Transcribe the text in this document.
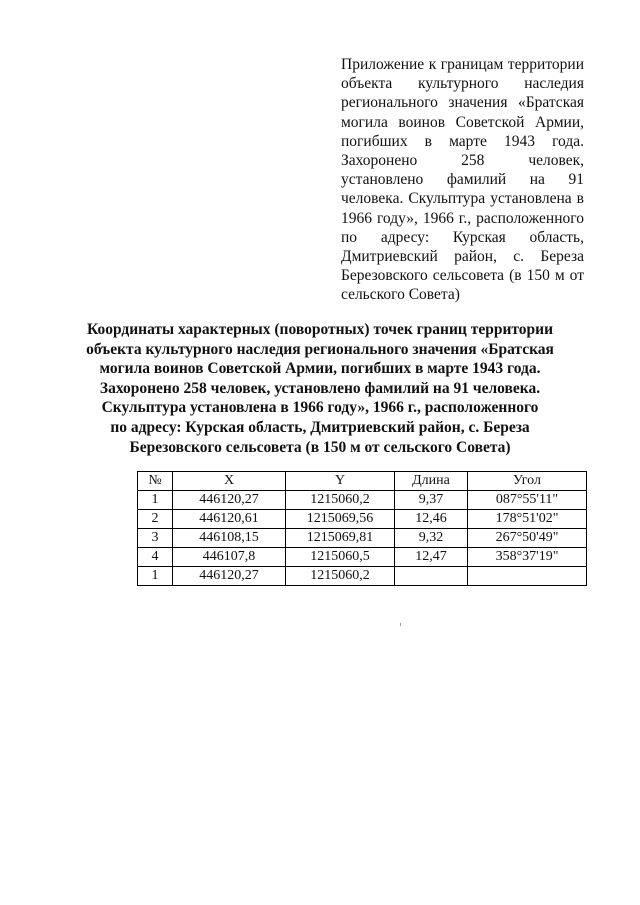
Приложение к границам территории
объекта культурного наследия
регионального значения «Братская
могила воинов Советской Армии,
погибших в марте 1943 года.
Захоронено 258 человек,
установлено фамилий на 91
человека. Скульптура установлена в
1966 году», 1966 г., расположенного
по адресу: Курская область,
Дмитриевский район, с. Береза
Березовского сельсовета (в 150 м от
сельского Совета)
Координаты характерных (поворотных) точек границ территории
объекта культурного наследия регионального значения «Братская
могила воинов Советской Армии, погибших в марте 1943 года.
Захоронено 258 человек, установлено фамилий на 91 человека.
Скульптура установлена в 1966 году», 1966 г., расположенного
по адресу: Курская область, Дмитриевский район, с. Береза
Березовского сельсовета (в 150 м от сельского Совета)
№	X	Y	Длина	Угол
1	446120,27	1215060,2	9,37	087°55'11"
2	446120,61	1215069,56	12,46	178°51'02"
3	446108,15	1215069,81	9,32	267°50'49"
4	446107,8	1215060,5	12,47	358°37'19"
1	446120,27	1215060,2		
